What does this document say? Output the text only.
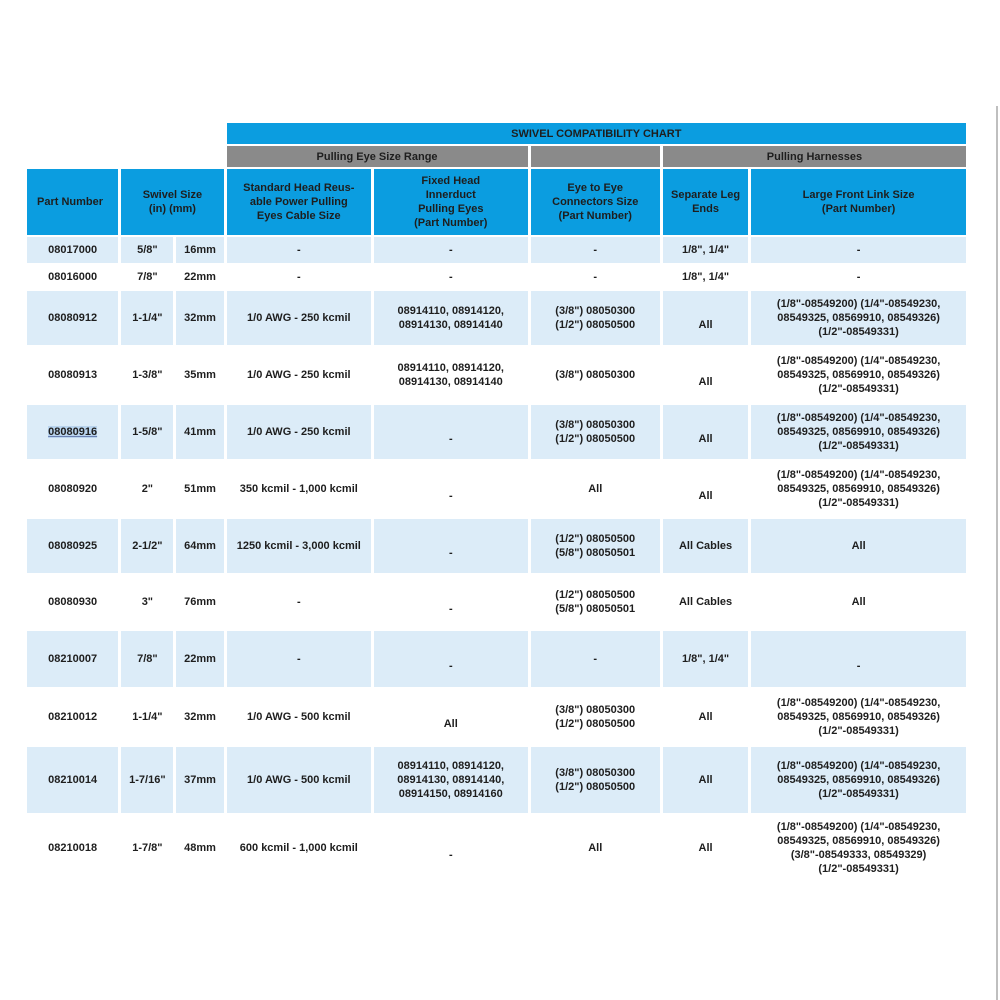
			SWIVEL COMPATIBILITY CHART				
			Pulling Eye Size Range			Pulling Harnesses	
Part Number	Swivel Size
(in) (mm)		Standard Head Reus-
able Power Pulling
Eyes Cable Size	Fixed Head
Innerduct
Pulling Eyes
(Part Number)	Eye to Eye
Connectors Size
(Part Number)	Separate Leg
Ends	Large Front Link Size
(Part Number)
08017000	5/8"	16mm	-	-	-	1/8", 1/4"	-
08016000	7/8"	22mm	-	-	-	1/8", 1/4"	-
08080912	1-1/4"	32mm	1/0 AWG - 250 kcmil	08914110, 08914120,
08914130, 08914140	(3/8") 08050300
(1/2") 08050500	All	(1/8"-08549200) (1/4"-08549230,
08549325, 08569910, 08549326)
(1/2"-08549331)
08080913	1-3/8"	35mm	1/0 AWG - 250 kcmil	08914110, 08914120,
08914130, 08914140	(3/8") 08050300	All	(1/8"-08549200) (1/4"-08549230,
08549325, 08569910, 08549326)
(1/2"-08549331)
08080916	1-5/8"	41mm	1/0 AWG - 250 kcmil	-	(3/8") 08050300
(1/2") 08050500	All	(1/8"-08549200) (1/4"-08549230,
08549325, 08569910, 08549326)
(1/2"-08549331)
08080920	2"	51mm	350 kcmil - 1,000 kcmil	-	All	All	(1/8"-08549200) (1/4"-08549230,
08549325, 08569910, 08549326)
(1/2"-08549331)
08080925	2-1/2"	64mm	1250 kcmil - 3,000 kcmil	-	(1/2") 08050500
(5/8") 08050501	All Cables	All
08080930	3"	76mm	-	-	(1/2") 08050500
(5/8") 08050501	All Cables	All
08210007	7/8"	22mm	-	-	-	1/8", 1/4"	-
08210012	1-1/4"	32mm	1/0 AWG - 500 kcmil	All	(3/8") 08050300
(1/2") 08050500	All	(1/8"-08549200) (1/4"-08549230,
08549325, 08569910, 08549326)
(1/2"-08549331)
08210014	1-7/16"	37mm	1/0 AWG - 500 kcmil	08914110, 08914120,
08914130, 08914140,
08914150, 08914160	(3/8") 08050300
(1/2") 08050500	All	(1/8"-08549200) (1/4"-08549230,
08549325, 08569910, 08549326)
(1/2"-08549331)
08210018	1-7/8"	48mm	600 kcmil - 1,000 kcmil	-	All	All	(1/8"-08549200) (1/4"-08549230,
08549325, 08569910, 08549326)
(3/8"-08549333, 08549329)
(1/2"-08549331)
